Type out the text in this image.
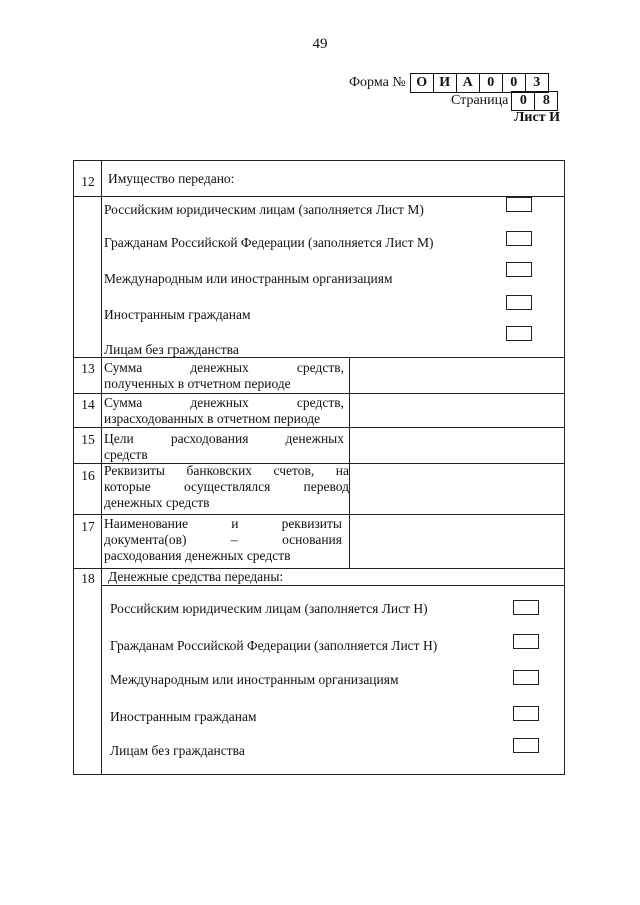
49
Форма № О И А	0	0	3
Страница 0	8
Лист И
12 Имущество передано:
Российским юридическим лицам (заполняется Лист М)
Гражданам Российской Федерации (заполняется Лист М)
Международным или иностранным организациям
Иностранным гражданам
Лицам без гражданства
13 Сумма	денежных	средств,
полученных в отчетном периоде
14 Сумма	денежных	средств,
израсходованных в отчетном периоде
15 Цели	расходования	денежных
средств
16 Реквизиты банковских счетов, на
которые осуществлялся перевод
денежных средств
17 Наименование	и	реквизиты
документа(ов)	–	основания
расходования денежных средств
18 Денежные средства переданы:
Российским юридическим лицам (заполняется Лист Н)
Гражданам Российской Федерации (заполняется Лист Н)
Международным или иностранным организациям
Иностранным гражданам
Лицам без гражданства
